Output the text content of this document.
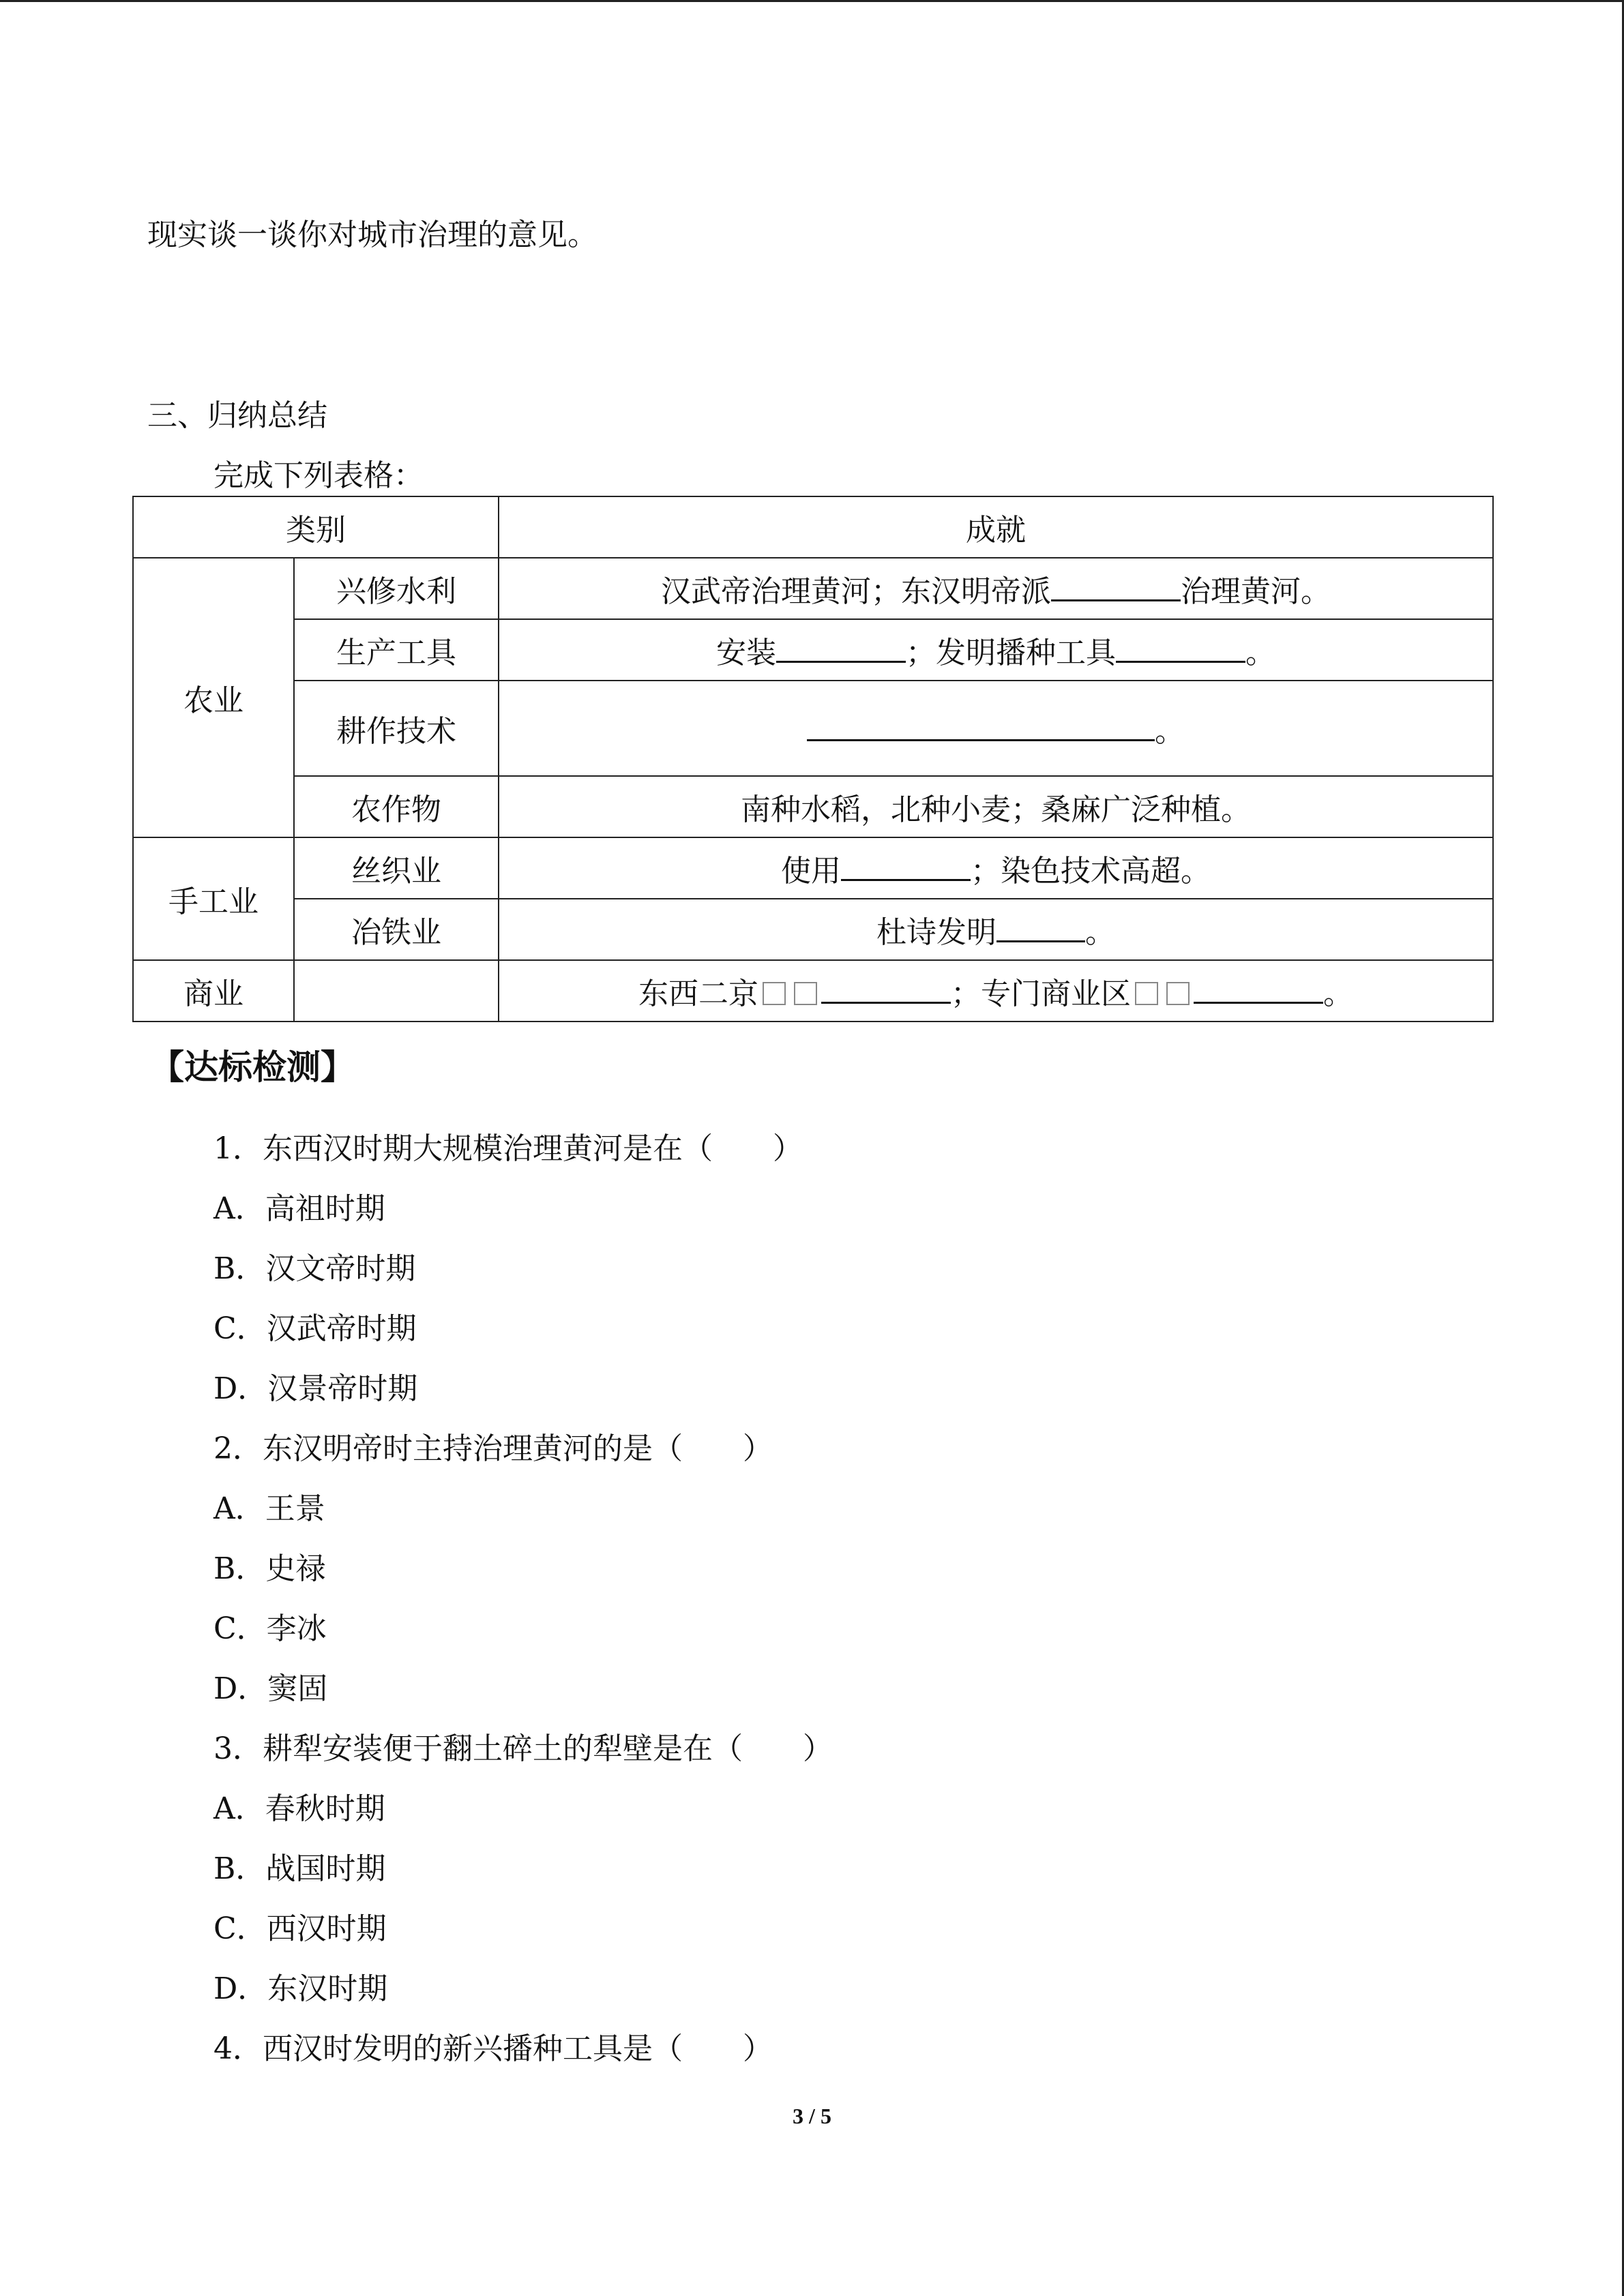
现实谈一谈你对城市治理的意见。
三、归纳总结
完成下列表格：
类别		成就
农业	兴修水利	汉武帝治理黄河；东汉明帝派 治理黄河。
	生产工具	安装 ；发明播种工具 。
	耕作技术	。
	农作物	南种水稻，北种小麦；桑麻广泛种植。
手工业	丝织业	使用 ；染色技术高超。
	冶铁业	杜诗发明 。
商业		东西二京 ；专门商业区 。
【达标检测】
1．东西汉时期大规模治理黄河是在（　　）
A．高祖时期
B．汉文帝时期
C．汉武帝时期
D．汉景帝时期
2．东汉明帝时主持治理黄河的是（　　）
A．王景
B．史禄
C．李冰
D．窦固
3．耕犁安装便于翻土碎土的犁壁是在（　　）
A．春秋时期
B．战国时期
C．西汉时期
D．东汉时期
4．西汉时发明的新兴播种工具是（　　）
3 / 5
